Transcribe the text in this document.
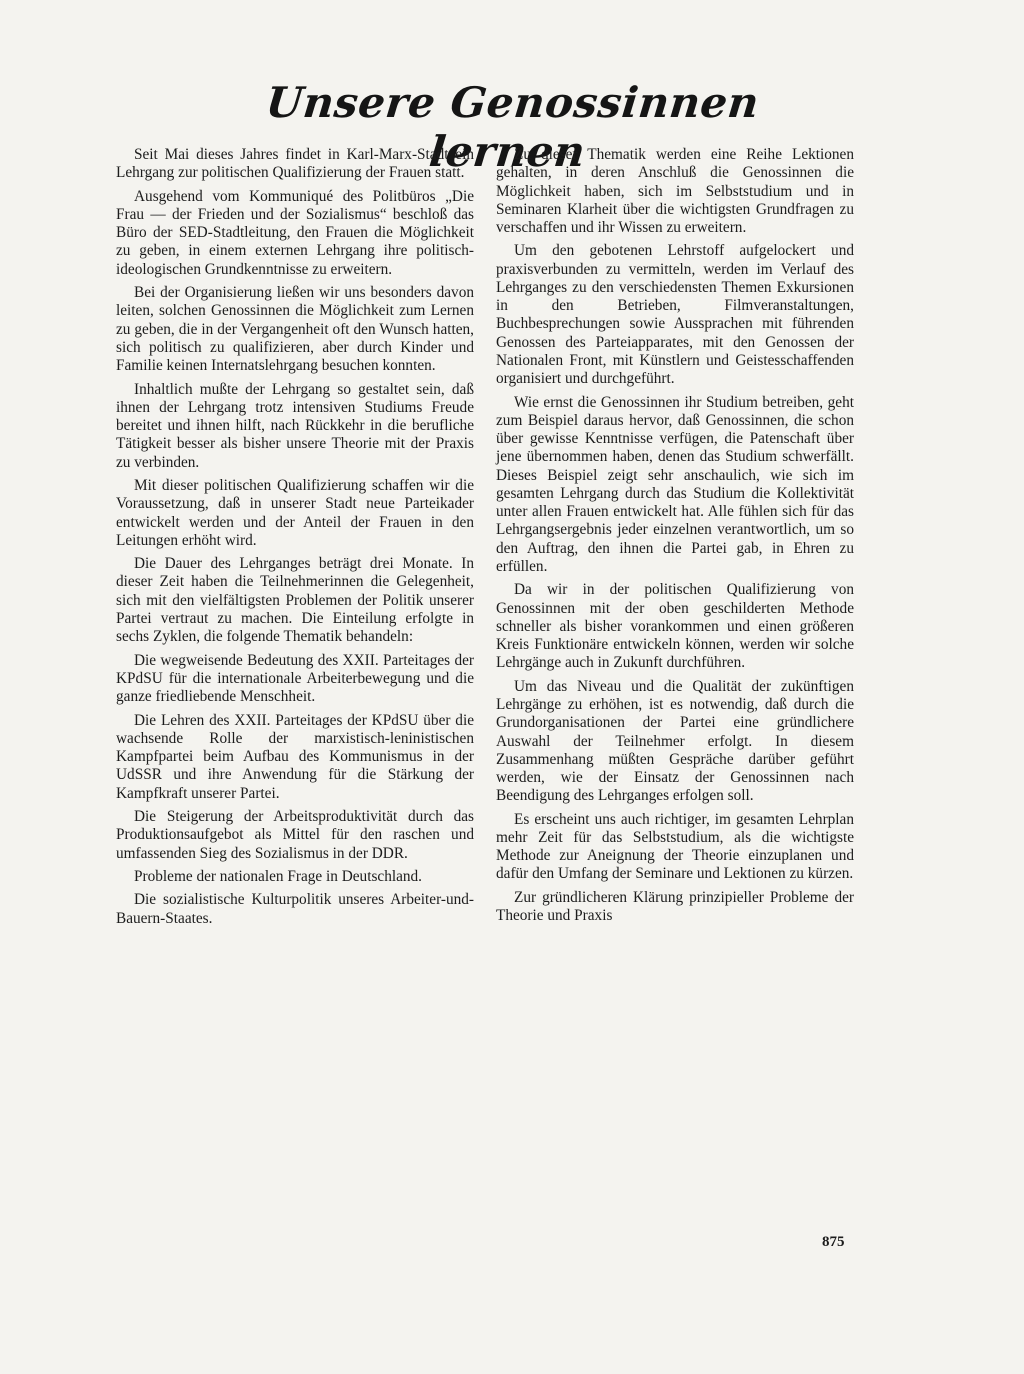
Unsere Genossinnen lernen

Seit Mai dieses Jahres findet in Karl-Marx-Stadt ein Lehrgang zur politischen Qualifizierung der Frauen statt.

Ausgehend vom Kommuniqué des Politbüros „Die Frau — der Frieden und der Sozialismus“ beschloß das Büro der SED-Stadtleitung, den Frauen die Möglichkeit zu geben, in einem externen Lehrgang ihre politisch-ideologischen Grundkenntnisse zu erweitern.

Bei der Organisierung ließen wir uns besonders davon leiten, solchen Genossinnen die Möglichkeit zum Lernen zu geben, die in der Vergangenheit oft den Wunsch hatten, sich politisch zu qualifizieren, aber durch Kinder und Familie keinen Internatslehrgang besuchen konnten.

Inhaltlich mußte der Lehrgang so gestaltet sein, daß ihnen der Lehrgang trotz intensiven Studiums Freude bereitet und ihnen hilft, nach Rückkehr in die berufliche Tätigkeit besser als bisher unsere Theorie mit der Praxis zu verbinden.

Mit dieser politischen Qualifizierung schaffen wir die Voraussetzung, daß in unserer Stadt neue Parteikader entwickelt werden und der Anteil der Frauen in den Leitungen erhöht wird.

Die Dauer des Lehrganges beträgt drei Monate. In dieser Zeit haben die Teilnehmerinnen die Gelegenheit, sich mit den vielfältigsten Problemen der Politik unserer Partei vertraut zu machen. Die Einteilung erfolgte in sechs Zyklen, die folgende Thematik behandeln:

Die wegweisende Bedeutung des XXII. Parteitages der KPdSU für die internationale Arbeiterbewegung und die ganze friedliebende Menschheit.

Die Lehren des XXII. Parteitages der KPdSU über die wachsende Rolle der marxistisch-leninistischen Kampfpartei beim Aufbau des Kommunismus in der UdSSR und ihre Anwendung für die Stärkung der Kampfkraft unserer Partei.

Die Steigerung der Arbeitsproduktivität durch das Produktionsaufgebot als Mittel für den raschen und umfassenden Sieg des Sozialismus in der DDR.

Probleme der nationalen Frage in Deutschland.

Die sozialistische Kulturpolitik unseres Arbeiter-und-Bauern-Staates.

Zu dieser Thematik werden eine Reihe Lektionen gehalten, in deren Anschluß die Genossinnen die Möglichkeit haben, sich im Selbststudium und in Seminaren Klarheit über die wichtigsten Grundfragen zu verschaffen und ihr Wissen zu erweitern.

Um den gebotenen Lehrstoff aufgelockert und praxisverbunden zu vermitteln, werden im Verlauf des Lehrganges zu den verschiedensten Themen Exkursionen in den Betrieben, Filmveranstaltungen, Buchbesprechungen sowie Aussprachen mit führenden Genossen des Parteiapparates, mit den Genossen der Nationalen Front, mit Künstlern und Geistesschaffenden organisiert und durchgeführt.

Wie ernst die Genossinnen ihr Studium betreiben, geht zum Beispiel daraus hervor, daß Genossinnen, die schon über gewisse Kenntnisse verfügen, die Patenschaft über jene übernommen haben, denen das Studium schwerfällt. Dieses Beispiel zeigt sehr anschaulich, wie sich im gesamten Lehrgang durch das Studium die Kollektivität unter allen Frauen entwickelt hat. Alle fühlen sich für das Lehrgangsergebnis jeder einzelnen verantwortlich, um so den Auftrag, den ihnen die Partei gab, in Ehren zu erfüllen.

Da wir in der politischen Qualifizierung von Genossinnen mit der oben geschilderten Methode schneller als bisher vorankommen und einen größeren Kreis Funktionäre entwickeln können, werden wir solche Lehrgänge auch in Zukunft durchführen.

Um das Niveau und die Qualität der zukünftigen Lehrgänge zu erhöhen, ist es notwendig, daß durch die Grundorganisationen der Partei eine gründlichere Auswahl der Teilnehmer erfolgt. In diesem Zusammenhang müßten Gespräche darüber geführt werden, wie der Einsatz der Genossinnen nach Beendigung des Lehrganges erfolgen soll.

Es erscheint uns auch richtiger, im gesamten Lehrplan mehr Zeit für das Selbststudium, als die wichtigste Methode zur Aneignung der Theorie einzuplanen und dafür den Umfang der Seminare und Lektionen zu kürzen.

Zur gründlicheren Klärung prinzipieller Probleme der Theorie und Praxis

875
